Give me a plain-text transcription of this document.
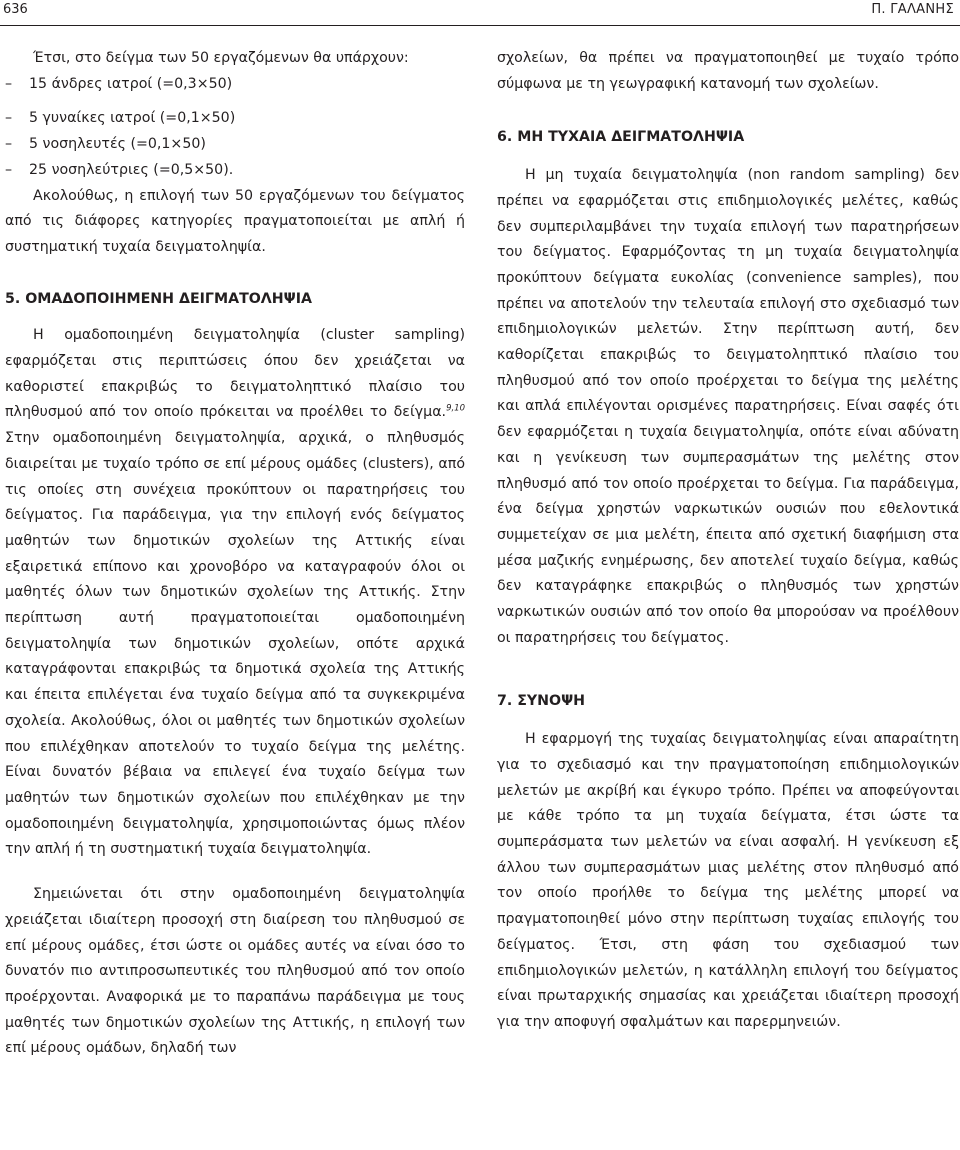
636	Π. ΓΑΛΑΝΗΣ

Έτσι, στο δείγμα των 50 εργαζόμενων θα υπάρχουν:

– 15 άνδρες ιατροί (=0,3×50)
– 5 γυναίκες ιατροί (=0,1×50)
– 5 νοσηλευτές (=0,1×50)
– 25 νοσηλεύτριες (=0,5×50).

Ακολούθως, η επιλογή των 50 εργαζόμενων του δείγματος από τις διάφορες κατηγορίες πραγματοποιείται με απλή ή συστηματική τυχαία δειγματοληψία.

5. ΟΜΑΔΟΠΟΙΗΜΕΝΗ ΔΕΙΓΜΑΤΟΛΗΨΙΑ

Η ομαδοποιημένη δειγματοληψία (cluster sampling) εφαρμόζεται στις περιπτώσεις όπου δεν χρειάζεται να καθοριστεί επακριβώς το δειγματοληπτικό πλαίσιο του πληθυσμού από τον οποίο πρόκειται να προέλθει το δείγμα.$^{9,10}$ Στην ομαδοποιημένη δειγματοληψία, αρχικά, ο πληθυσμός διαιρείται με τυχαίο τρόπο σε επί μέρους ομάδες (clusters), από τις οποίες στη συνέχεια προκύπτουν οι παρατηρήσεις του δείγματος. Για παράδειγμα, για την επιλογή ενός δείγματος μαθητών των δημοτικών σχολείων της Αττικής είναι εξαιρετικά επίπονο και χρονοβόρο να καταγραφούν όλοι οι μαθητές όλων των δημοτικών σχολείων της Αττικής. Στην περίπτωση αυτή πραγματοποιείται ομαδοποιημένη δειγματοληψία των δημοτικών σχολείων, οπότε αρχικά καταγράφονται επακριβώς τα δημοτικά σχολεία της Αττικής και έπειτα επιλέγεται ένα τυχαίο δείγμα από τα συγκεκριμένα σχολεία. Ακολούθως, όλοι οι μαθητές των δημοτικών σχολείων που επιλέχθηκαν αποτελούν το τυχαίο δείγμα της μελέτης. Είναι δυνατόν βέβαια να επιλεγεί ένα τυχαίο δείγμα των μαθητών των δημοτικών σχολείων που επιλέχθηκαν με την ομαδοποιημένη δειγματοληψία, χρησιμοποιώντας όμως πλέον την απλή ή τη συστηματική τυχαία δειγματοληψία.

Σημειώνεται ότι στην ομαδοποιημένη δειγματοληψία χρειάζεται ιδιαίτερη προσοχή στη διαίρεση του πληθυσμού σε επί μέρους ομάδες, έτσι ώστε οι ομάδες αυτές να είναι όσο το δυνατόν πιο αντιπροσωπευτικές του πληθυσμού από τον οποίο προέρχονται. Αναφορικά με το παραπάνω παράδειγμα με τους μαθητές των δημοτικών σχολείων της Αττικής, η επιλογή των επί μέρους ομάδων, δηλαδή των

σχολείων, θα πρέπει να πραγματοποιηθεί με τυχαίο τρόπο σύμφωνα με τη γεωγραφική κατανομή των σχολείων.

6. ΜΗ ΤΥΧΑΙΑ ΔΕΙΓΜΑΤΟΛΗΨΙΑ

Η μη τυχαία δειγματοληψία (non random sampling) δεν πρέπει να εφαρμόζεται στις επιδημιολογικές μελέτες, καθώς δεν συμπεριλαμβάνει την τυχαία επιλογή των παρατηρήσεων του δείγματος. Εφαρμόζοντας τη μη τυχαία δειγματοληψία προκύπτουν δείγματα ευκολίας (convenience samples), που πρέπει να αποτελούν την τελευταία επιλογή στο σχεδιασμό των επιδημιολογικών μελετών. Στην περίπτωση αυτή, δεν καθορίζεται επακριβώς το δειγματοληπτικό πλαίσιο του πληθυσμού από τον οποίο προέρχεται το δείγμα της μελέτης και απλά επιλέγονται ορισμένες παρατηρήσεις. Είναι σαφές ότι δεν εφαρμόζεται η τυχαία δειγματοληψία, οπότε είναι αδύνατη και η γενίκευση των συμπερασμάτων της μελέτης στον πληθυσμό από τον οποίο προέρχεται το δείγμα. Για παράδειγμα, ένα δείγμα χρηστών ναρκωτικών ουσιών που εθελοντικά συμμετείχαν σε μια μελέτη, έπειτα από σχετική διαφήμιση στα μέσα μαζικής ενημέρωσης, δεν αποτελεί τυχαίο δείγμα, καθώς δεν καταγράφηκε επακριβώς ο πληθυσμός των χρηστών ναρκωτικών ουσιών από τον οποίο θα μπορούσαν να προέλθουν οι παρατηρήσεις του δείγματος.

7. ΣΥΝΟΨΗ

Η εφαρμογή της τυχαίας δειγματοληψίας είναι απαραίτητη για το σχεδιασμό και την πραγματοποίηση επιδημιολογικών μελετών με ακρίβή και έγκυρο τρόπο. Πρέπει να αποφεύγονται με κάθε τρόπο τα μη τυχαία δείγματα, έτσι ώστε τα συμπεράσματα των μελετών να είναι ασφαλή. Η γενίκευση εξ άλλου των συμπερασμάτων μιας μελέτης στον πληθυσμό από τον οποίο προήλθε το δείγμα της μελέτης μπορεί να πραγματοποιηθεί μόνο στην περίπτωση τυχαίας επιλογής του δείγματος. Έτσι, στη φάση του σχεδιασμού των επιδημιολογικών μελετών, η κατάλληλη επιλογή του δείγματος είναι πρωταρχικής σημασίας και χρειάζεται ιδιαίτερη προσοχή για την αποφυγή σφαλμάτων και παρερμηνειών.
